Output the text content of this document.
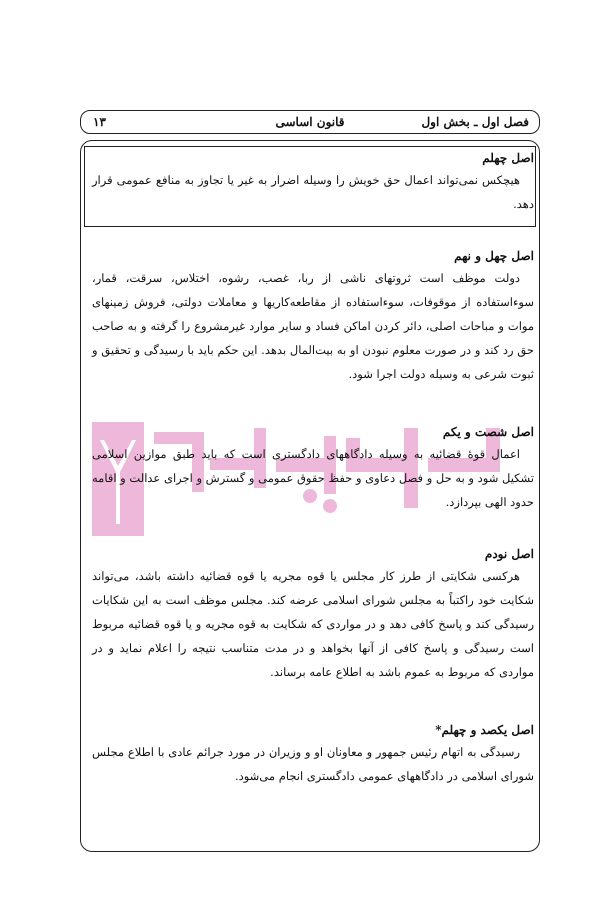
فصل اول ـ بخش اول
قانون اساسی
۱۳
اصل چهلم

هیچکس نمی‌تواند اعمال حق خویش را وسیله اضرار به غیر یا تجاوز به منافع عمومی قرار دهد.

اصل چهل و نهم

دولت موظف است ثروتهای ناشی از ربا، غصب، رشوه، اختلاس، سرقت، قمار، سوءاستفاده از موقوفات، سوءاستفاده از مقاطعه‌کاریها و معاملات دولتی، فروش زمینهای موات و مباحات اصلی، دائر کردن اماکن فساد و سایر موارد غیرمشروع را گرفته و به صاحب حق رد کند و در صورت معلوم نبودن او به بیت‌المال بدهد. این حکم باید با رسیدگی و تحقیق و ثبوت شرعی به وسیله دولت اجرا شود.

اصل شصت و یکم

اعمال قوهٔ قضائیه به وسیله دادگاههای دادگستری است که باید طبق موازین اسلامی تشکیل شود و به حل و فصل دعاوی و حفظ حقوق عمومی و گسترش و اجرای عدالت و اقامه حدود الهی بپردازد.

اصل نودم

هرکسی شکایتی از طرز کار مجلس یا قوه مجریه یا قوه قضائیه داشته باشد، می‌تواند شکایت خود راکتباً به مجلس شورای اسلامی عرضه کند. مجلس موظف است به این شکایات رسیدگی کند و پاسخ کافی دهد و در مواردی که شکایت به قوه مجریه و یا قوه قضائیه مربوط است رسیدگی و پاسخ کافی از آنها بخواهد و در مدت متناسب نتیجه را اعلام نماید و در مواردی که مربوط به عموم باشد به اطلاع عامه برساند.

اصل یکصد و چهلم*

رسیدگی به اتهام رئیس جمهور و معاونان او و وزیران در مورد جرائم عادی با اطلاع مجلس شورای اسلامی در دادگاههای عمومی دادگستری انجام می‌شود.
